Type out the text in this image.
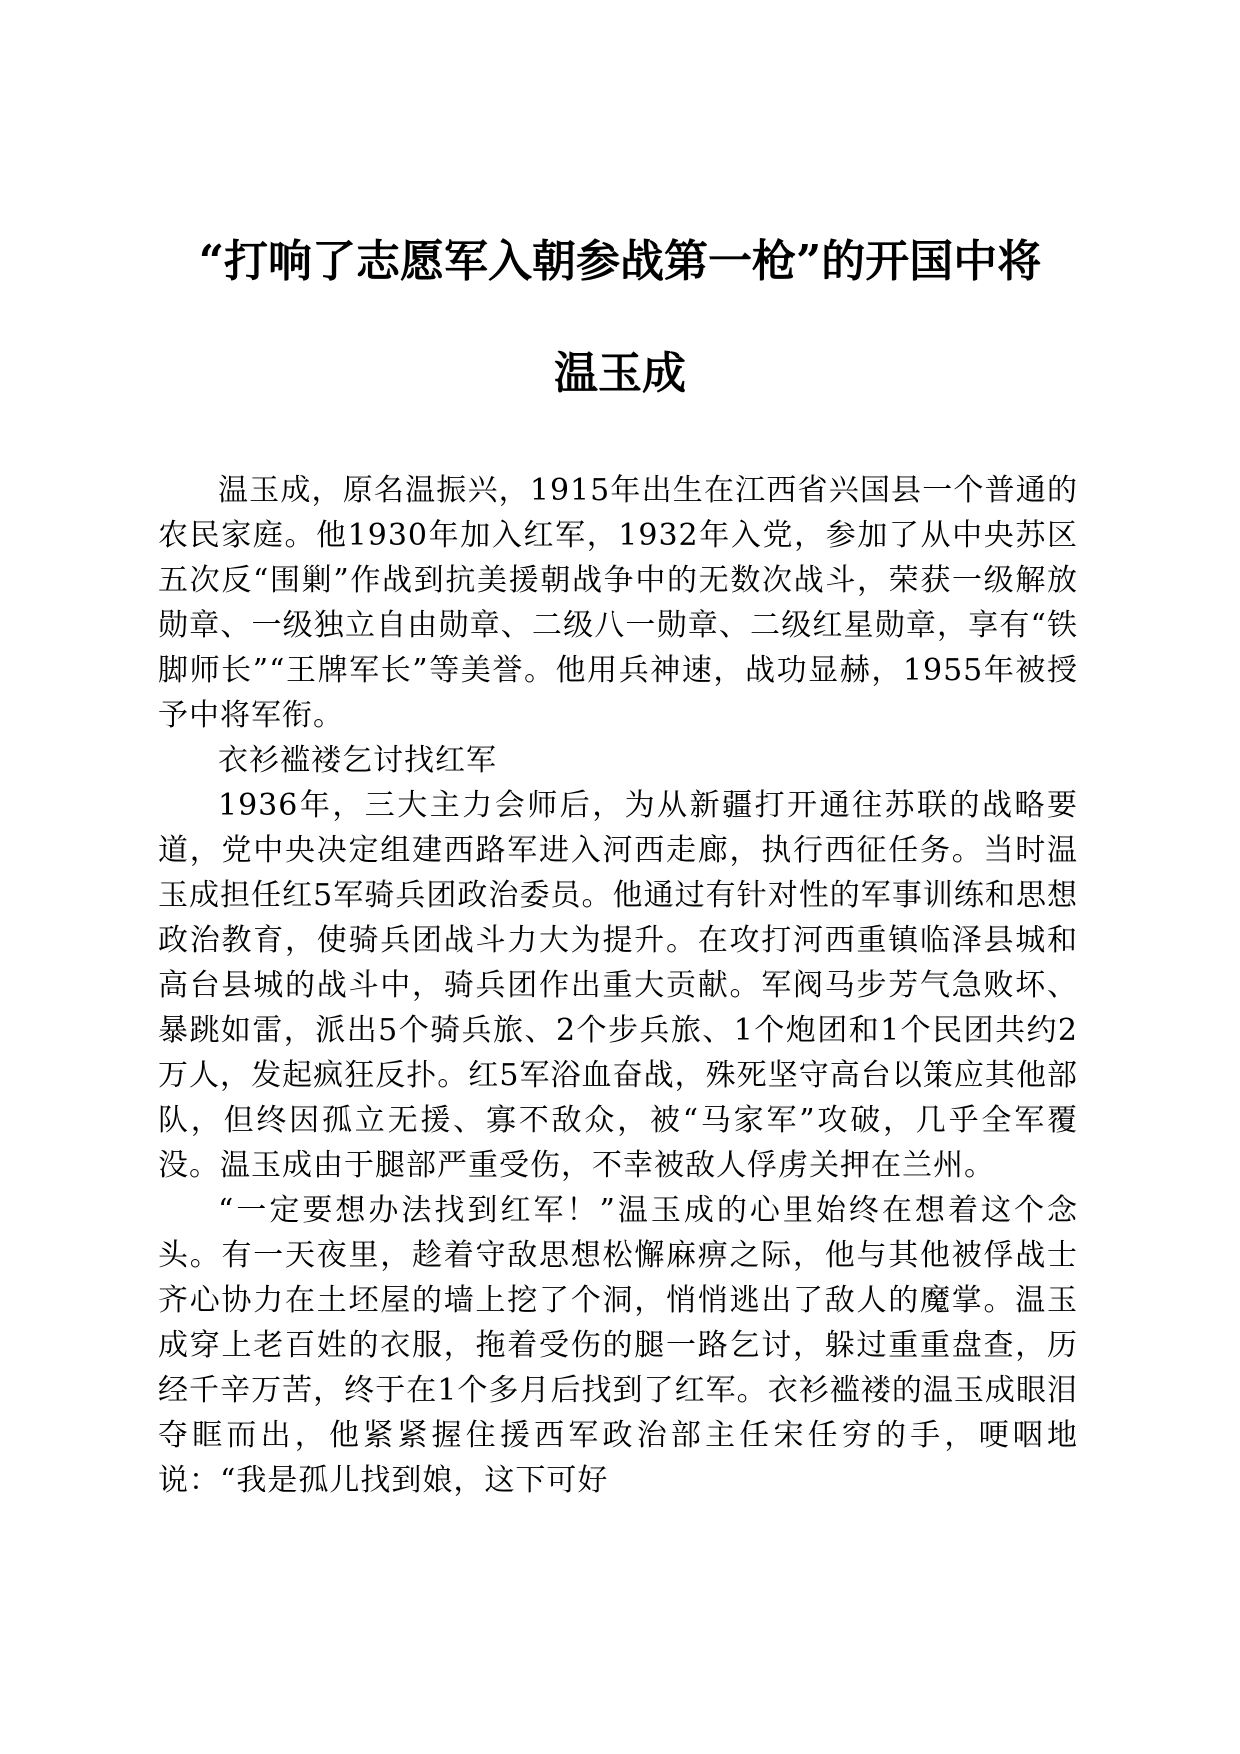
“打响了志愿军入朝参战第一枪”的开国中将
温玉成

温玉成，原名温振兴，1915年出生在江西省兴国县一个普通的农民家庭。他1930年加入红军，1932年入党，参加了从中央苏区五次反“围剿”作战到抗美援朝战争中的无数次战斗，荣获一级解放勋章、一级独立自由勋章、二级八一勋章、二级红星勋章，享有“铁脚师长”“王牌军长”等美誉。他用兵神速，战功显赫，1955年被授予中将军衔。

衣衫褴褛乞讨找红军

1936年，三大主力会师后，为从新疆打开通往苏联的战略要道，党中央决定组建西路军进入河西走廊，执行西征任务。当时温玉成担任红5军骑兵团政治委员。他通过有针对性的军事训练和思想政治教育，使骑兵团战斗力大为提升。在攻打河西重镇临泽县城和高台县城的战斗中，骑兵团作出重大贡献。军阀马步芳气急败坏、暴跳如雷，派出5个骑兵旅、2个步兵旅、1个炮团和1个民团共约2万人，发起疯狂反扑。红5军浴血奋战，殊死坚守高台以策应其他部队，但终因孤立无援、寡不敌众，被“马家军”攻破，几乎全军覆没。温玉成由于腿部严重受伤，不幸被敌人俘虏关押在兰州。

“一定要想办法找到红军！”温玉成的心里始终在想着这个念头。有一天夜里，趁着守敌思想松懈麻痹之际，他与其他被俘战士齐心协力在土坯屋的墙上挖了个洞，悄悄逃出了敌人的魔掌。温玉成穿上老百姓的衣服，拖着受伤的腿一路乞讨，躲过重重盘查，历经千辛万苦，终于在1个多月后找到了红军。衣衫褴褛的温玉成眼泪夺眶而出，他紧紧握住援西军政治部主任宋任穷的手，哽咽地说：“我是孤儿找到娘，这下可好
